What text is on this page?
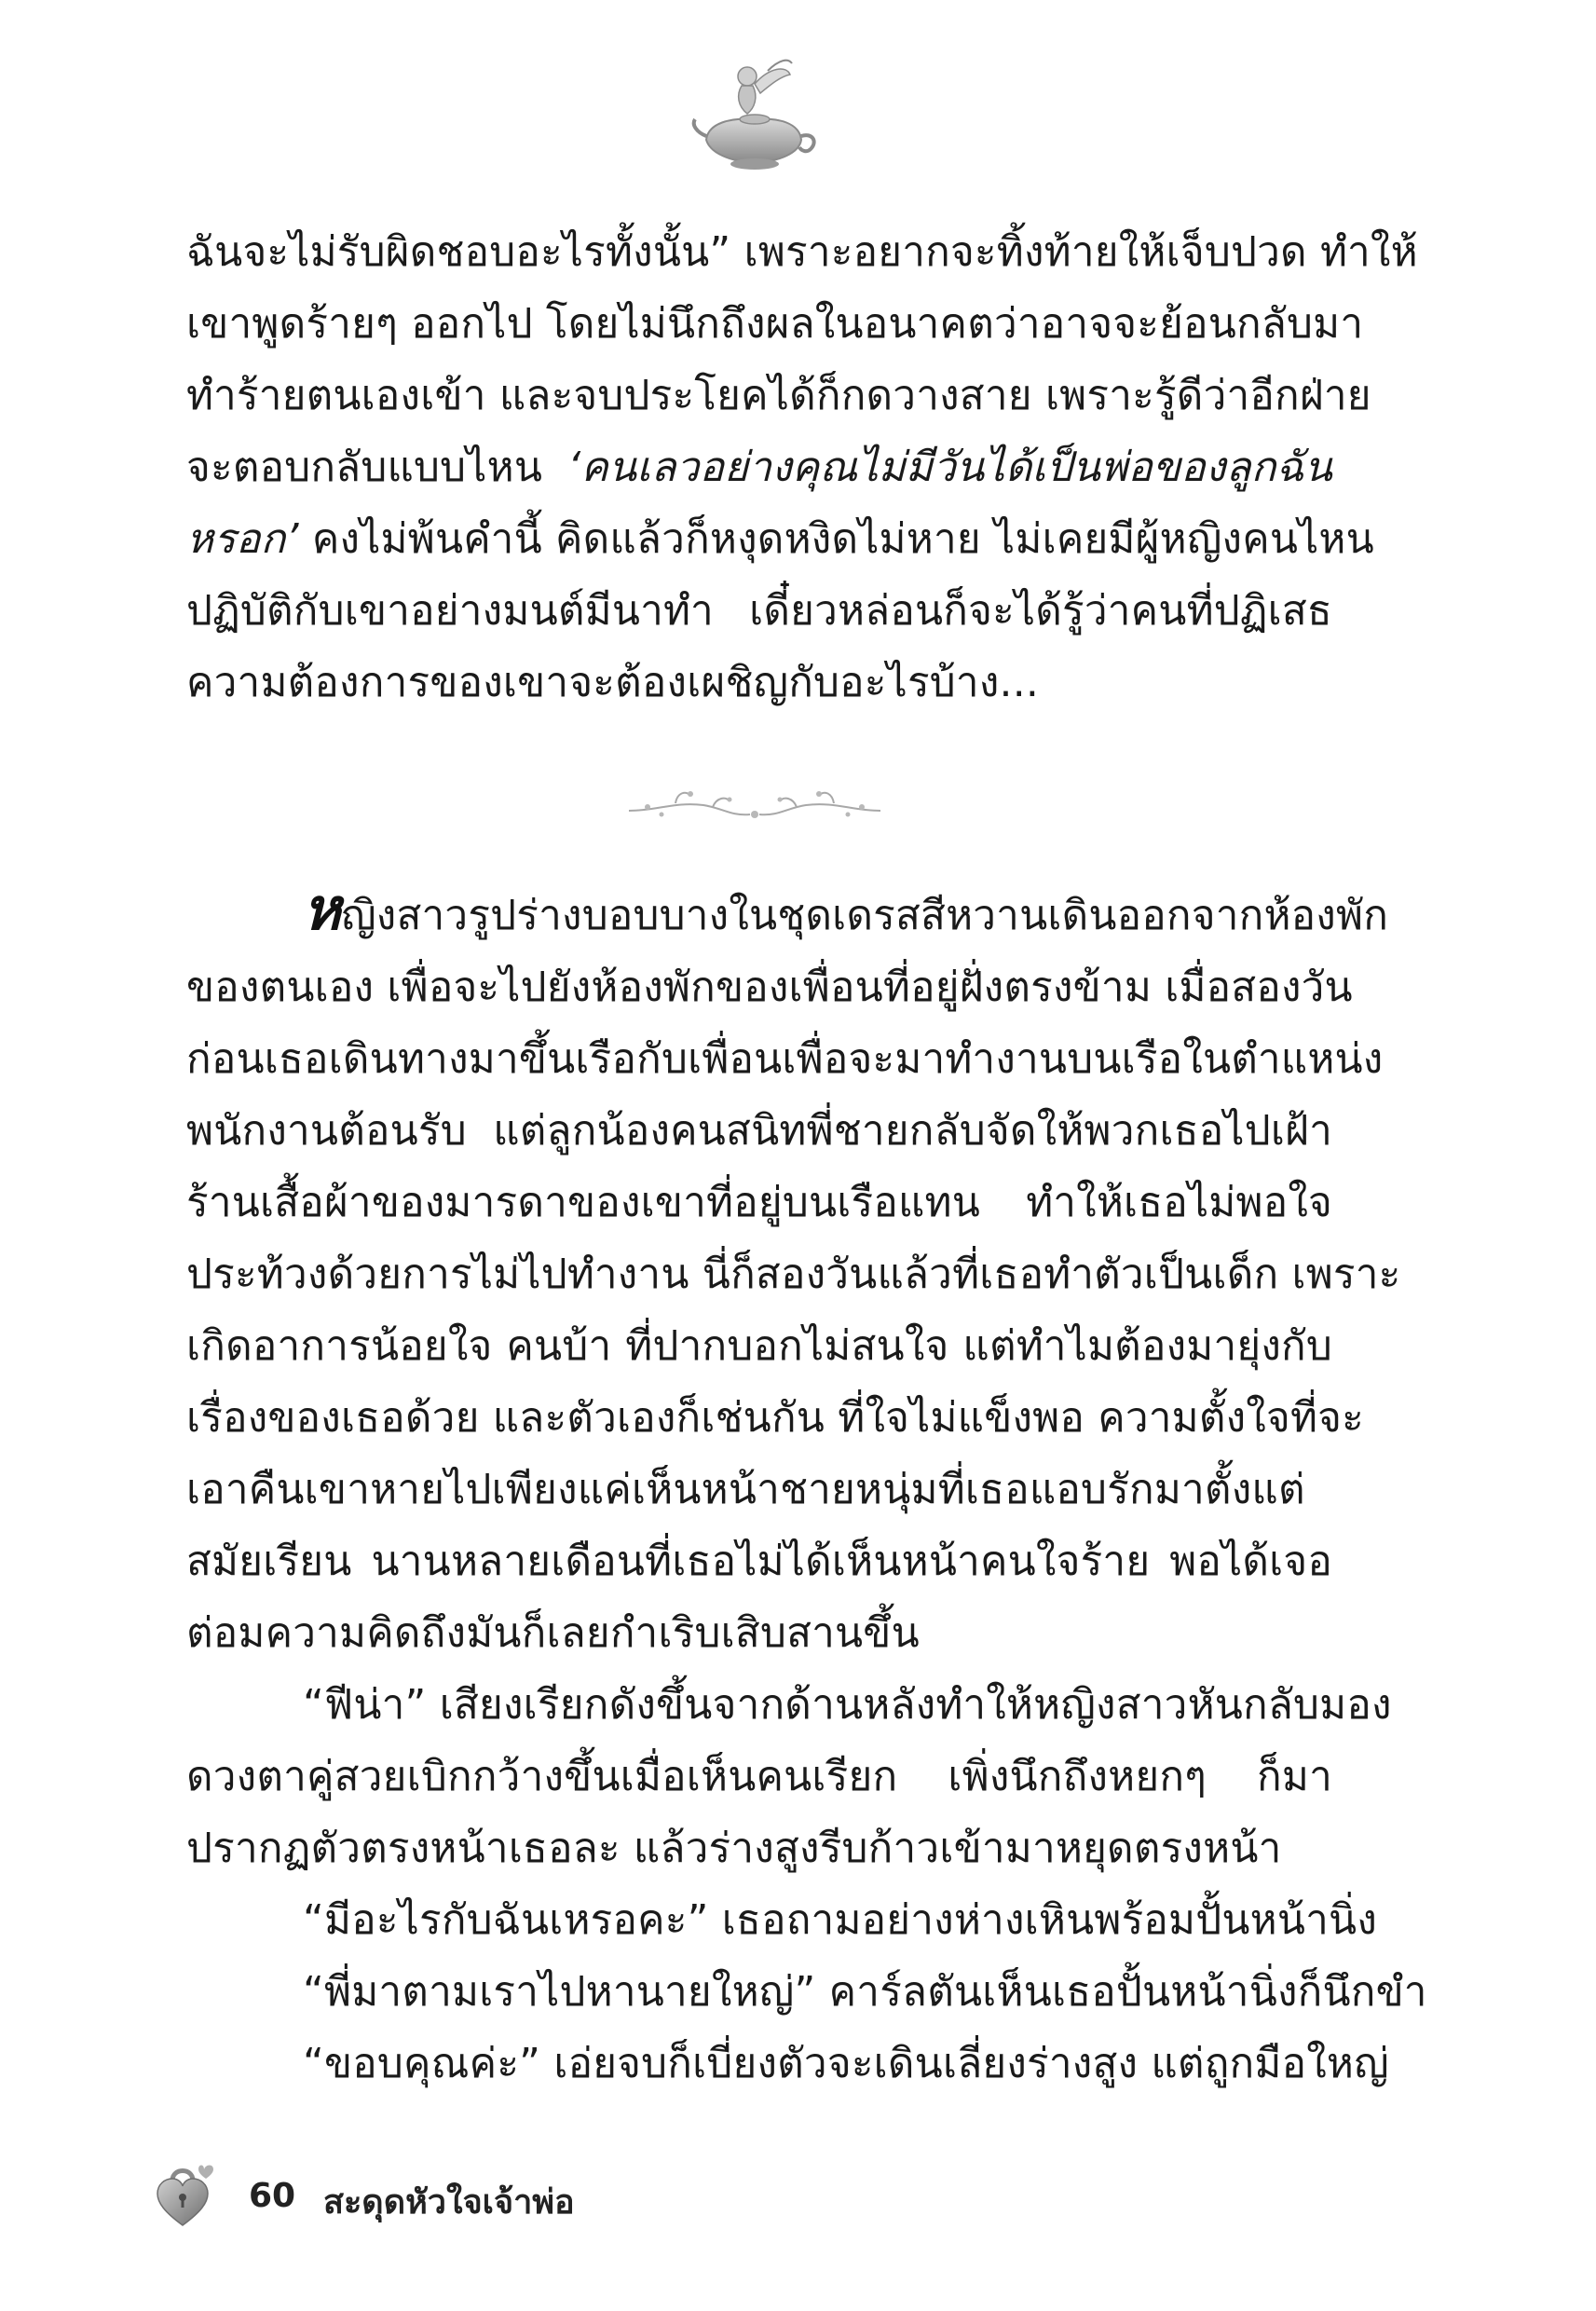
ฉันจะไม่รับผิดชอบอะไรทั้งนั้น” เพราะอยากจะทิ้งท้ายให้เจ็บปวด ทำให้
เขาพูดร้ายๆ ออกไป โดยไม่นึกถึงผลในอนาคตว่าอาจจะย้อนกลับมา
ทำร้ายตนเองเข้า และจบประโยคได้ก็กดวางสาย เพราะรู้ดีว่าอีกฝ่าย
จะตอบกลับแบบไหน ‘คนเลวอย่างคุณไม่มีวันได้เป็นพ่อของลูกฉัน
หรอก’ คงไม่พ้นคำนี้ คิดแล้วก็หงุดหงิดไม่หาย ไม่เคยมีผู้หญิงคนไหน
ปฏิบัติกับเขาอย่างมนต์มีนาทำ เดี๋ยวหล่อนก็จะได้รู้ว่าคนที่ปฏิเสธ
ความต้องการของเขาจะต้องเผชิญกับอะไรบ้าง...
หญิงสาวรูปร่างบอบบางในชุดเดรสสีหวานเดินออกจากห้องพัก
ของตนเอง เพื่อจะไปยังห้องพักของเพื่อนที่อยู่ฝั่งตรงข้าม เมื่อสองวัน
ก่อนเธอเดินทางมาขึ้นเรือกับเพื่อนเพื่อจะมาทำงานบนเรือในตำแหน่ง
พนักงานต้อนรับ แต่ลูกน้องคนสนิทพี่ชายกลับจัดให้พวกเธอไปเฝ้า
ร้านเสื้อผ้าของมารดาของเขาที่อยู่บนเรือแทน ทำให้เธอไม่พอใจ
ประท้วงด้วยการไม่ไปทำงาน นี่ก็สองวันแล้วที่เธอทำตัวเป็นเด็ก เพราะ
เกิดอาการน้อยใจ คนบ้า ที่ปากบอกไม่สนใจ แต่ทำไมต้องมายุ่งกับ
เรื่องของเธอด้วย และตัวเองก็เช่นกัน ที่ใจไม่แข็งพอ ความตั้งใจที่จะ
เอาคืนเขาหายไปเพียงแค่เห็นหน้าชายหนุ่มที่เธอแอบรักมาตั้งแต่
สมัยเรียน นานหลายเดือนที่เธอไม่ได้เห็นหน้าคนใจร้าย พอได้เจอ
ต่อมความคิดถึงมันก็เลยกำเริบเสิบสานขึ้น
“ฟีน่า” เสียงเรียกดังขึ้นจากด้านหลังทำให้หญิงสาวหันกลับมอง
ดวงตาคู่สวยเบิกกว้างขึ้นเมื่อเห็นคนเรียก เพิ่งนึกถึงหยกๆ ก็มา
ปรากฏตัวตรงหน้าเธอละ แล้วร่างสูงรีบก้าวเข้ามาหยุดตรงหน้า
“มีอะไรกับฉันเหรอคะ” เธอถามอย่างห่างเหินพร้อมปั้นหน้านิ่ง
“พี่มาตามเราไปหานายใหญ่” คาร์ลตันเห็นเธอปั้นหน้านิ่งก็นึกขำ
“ขอบคุณค่ะ” เอ่ยจบก็เบี่ยงตัวจะเดินเลี่ยงร่างสูง แต่ถูกมือใหญ่
60 สะดุดหัวใจเจ้าพ่อ
